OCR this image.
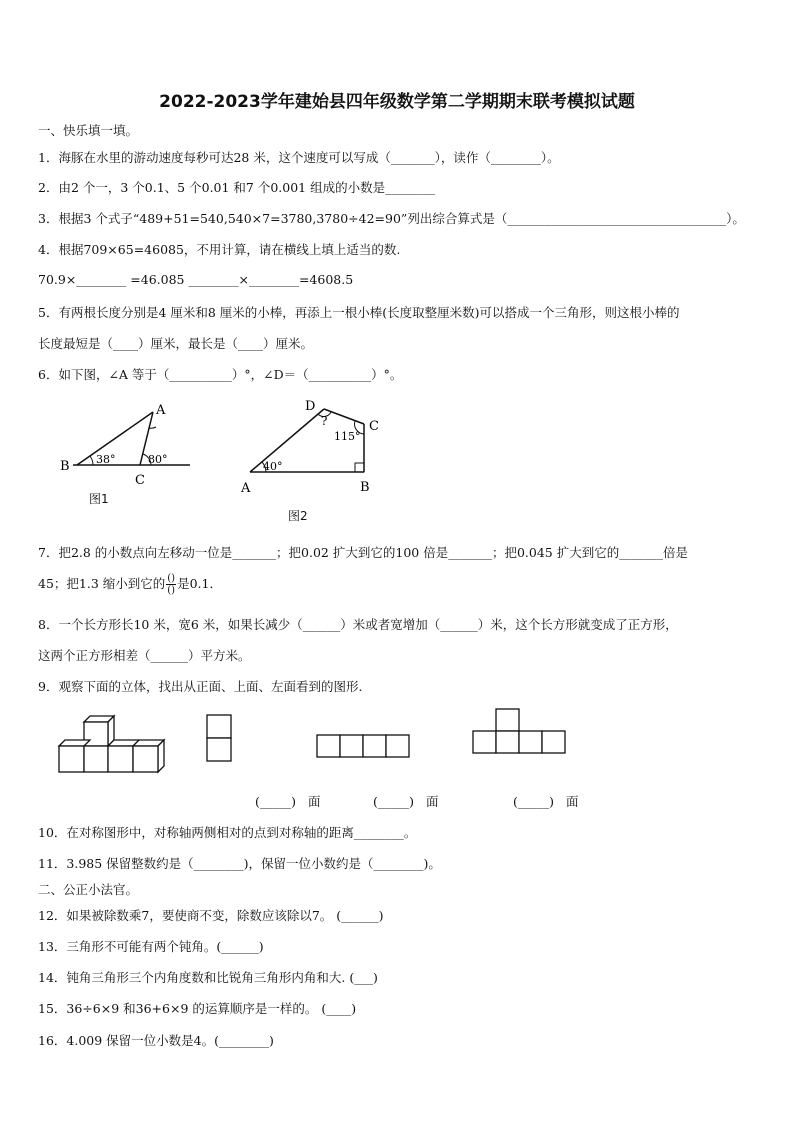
2022-2023学年建始县四年级数学第二学期期末联考模拟试题
一、快乐填一填。
1．海豚在水里的游动速度每秒可达28 米，这个速度可以写成（_______），读作（________）。
2．由2 个一，3 个0.1、5 个0.01 和7 个0.001 组成的小数是________
3．根据3 个式子“489+51=540,540×7=3780,3780÷42=90”列出综合算式是（___________________________________）。
4．根据709×65=46085，不用计算，请在横线上填上适当的数.
70.9×________ =46.085 ________×________=4608.5
5．有两根长度分别是4 厘米和8 厘米的小棒，再添上一根小棒(长度取整厘米数)可以搭成一个三角形，则这根小棒的
长度最短是（____）厘米，最长是（____）厘米。
6．如下图，∠A 等于（__________）°，∠D＝（__________）°。
A
B
C
38°	80°
图1
D
C
A	B
?
115°
40°
图2
7．把2.8 的小数点向左移动一位是_______；把0.02 扩大到它的100 倍是_______；把0.045 扩大到它的_______倍是
45；把1.3 缩小到它的 $\frac{()}{()}$ 是0.1．
8．一个长方形长10 米，宽6 米，如果长减少（______）米或者宽增加（______）米，这个长方形就变成了正方形，
这两个正方形相差（______）平方米。
9．观察下面的立体，找出从正面、上面、左面看到的图形.
(_____) 面	(_____) 面	(_____) 面
10．在对称图形中，对称轴两侧相对的点到对称轴的距离________。
11．3.985 保留整数约是（________)，保留一位小数约是（________)。
二、公正小法官。
12．如果被除数乘7，要使商不变，除数应该除以7。 (______)
13．三角形不可能有两个钝角。(______)
14．钝角三角形三个内角度数和比锐角三角形内角和大. (___)
15．36÷6×9 和36+6×9 的运算顺序是一样的。 (____)
16．4.009 保留一位小数是4。(________)
